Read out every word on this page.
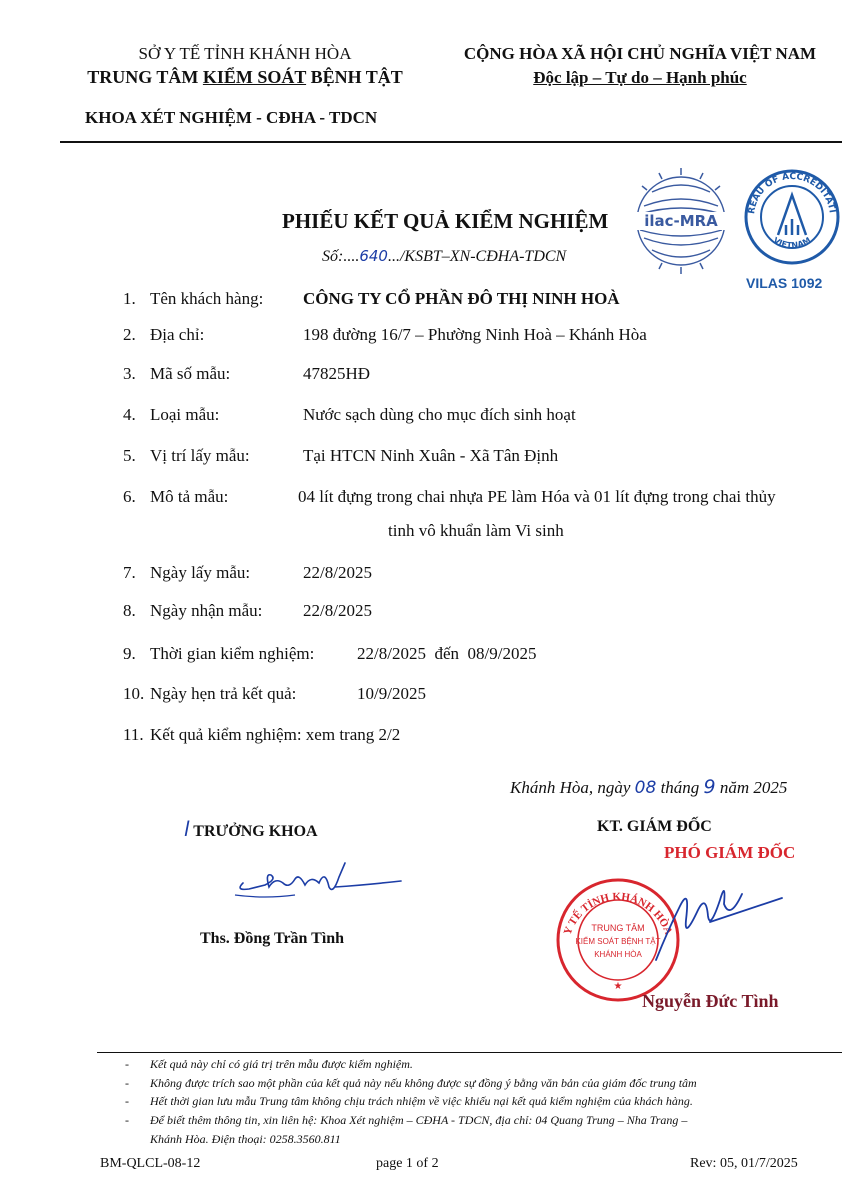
SỞ Y TẾ TỈNH KHÁNH HÒA
TRUNG TÂM KIỂM SOÁT BỆNH TẬT
KHOA XÉT NGHIỆM - CĐHA - TDCN
CỘNG HÒA XÃ HỘI CHỦ NGHĨA VIỆT NAM
Độc lập – Tự do – Hạnh phúc
ilac-MRA
REAU OF ACCREDITATI
VIETNAM
VILAS 1092
PHIẾU KẾT QUẢ KIỂM NGHIỆM
Số:....640.../KSBT–XN-CĐHA-TDCN
1. Tên khách hàng: CÔNG TY CỔ PHẦN ĐÔ THỊ NINH HOÀ
2. Địa chỉ:	198 đường 16/7 – Phường Ninh Hoà – Khánh Hòa
3. Mã số mẫu:	47825HĐ
4. Loại mẫu:	Nước sạch dùng cho mục đích sinh hoạt
5. Vị trí lấy mẫu:	Tại HTCN Ninh Xuân - Xã Tân Định
6. Mô tả mẫu:	04 lít đựng trong chai nhựa PE làm Hóa và 01 lít đựng trong chai thủy
tinh vô khuẩn làm Vi sinh
7. Ngày lấy mẫu:	22/8/2025
8. Ngày nhận mẫu: 22/8/2025
9. Thời gian kiểm nghiệm:	22/8/2025  đến  08/9/2025
10. Ngày hẹn trả kết quả:	10/9/2025
11. Kết quả kiểm nghiệm: xem trang 2/2
Khánh Hòa, ngày 08 tháng 9 năm 2025
l TRƯỞNG KHOA
Ths. Đồng Trần Tình
KT. GIÁM ĐỐC
PHÓ GIÁM ĐỐC
Y TẾ TỈNH KHÁNH HÒA
TRUNG TÂM
KIỂM SOÁT BỆNH TẬT
KHÁNH HÒA
★
Nguyễn Đức Tình
- Kết quả này chỉ có giá trị trên mẫu được kiểm nghiệm.
- Không được trích sao một phần của kết quả này nếu không được sự đồng ý bằng văn bản của giám đốc trung tâm
- Hết thời gian lưu mẫu Trung tâm không chịu trách nhiệm về việc khiếu nại kết quả kiểm nghiệm của khách hàng.
- Để biết thêm thông tin, xin liên hệ: Khoa Xét nghiệm – CĐHA - TDCN, địa chỉ: 04 Quang Trung – Nha Trang –
Khánh Hòa. Điện thoại: 0258.3560.811
BM-QLCL-08-12	page 1 of 2	Rev: 05, 01/7/2025
